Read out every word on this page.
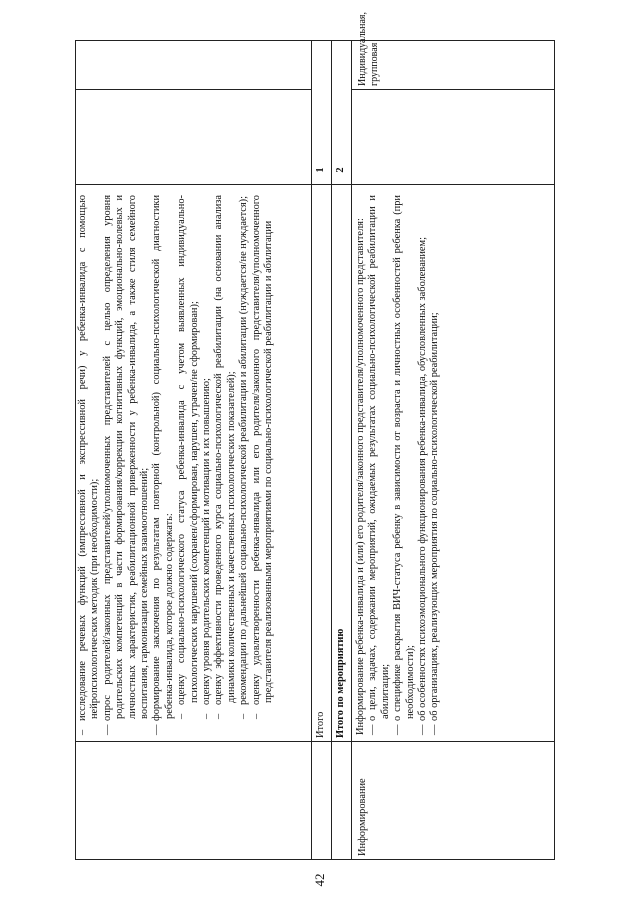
42

–исследование речевых функций (импрессивной и экспрессивной речи) у ребенка-инвалида с помощью нейропсихологических методик (при необходимости);

—опрос родителей/законных представителей/уполномоченных представителей с целью определения уровня родительских компетенций в части формирования/коррекции когнитивных функций, эмоционально-волевых и личностных характеристик, реабилитационной приверженности у ребенка-инвалида, а также стиля семейного воспитания, гармонизации семейных взаимоотношений;

—формирование заключения по результатам повторной (контрольной) социально-психологической диагностики ребенка-инвалида, которое должно содержать: –оценку социально-психологического статуса ребенка-инвалида с учетом выявленных индивидуально-психологических нарушений (сохранен/сформирован, нарушен, утрачен/не сформирован);

–оценку уровня родительских компетенций и мотивации к их повышению;

–оценку эффективности проведенного курса социально-психологической реабилитации (на основании анализа динамики количественных и качественных психологических показателей);

–рекомендации по дальнейшей социально-психологической реабилитации и абилитации (нуждается/не нуждается);

–оценку удовлетворенности ребенка-инвалида или его родителя/законного представителя/уполномоченного представителя реализованными мероприятиями по социально-психологической реабилитации и абилитации

Итого
1
Итого по мероприятию
2
Информирование

Информирование ребенка-инвалида и (или) его родителя/законного представителя/уполномоченного представителя: —о цели, задачах, содержании мероприятий, ожидаемых результатах социально-психологической реабилитации и абилитации;

—о специфике раскрытия ВИЧ-статуса ребенку в зависимости от возраста и личностных особенностей ребенка (при необходимости);

—об особенностях психоэмоционального функционирования ребенка-инвалида, обусловленных заболеванием;

—об организациях, реализующих мероприятия по социально-психологической реабилитации;

Индивидуальная, групповая
